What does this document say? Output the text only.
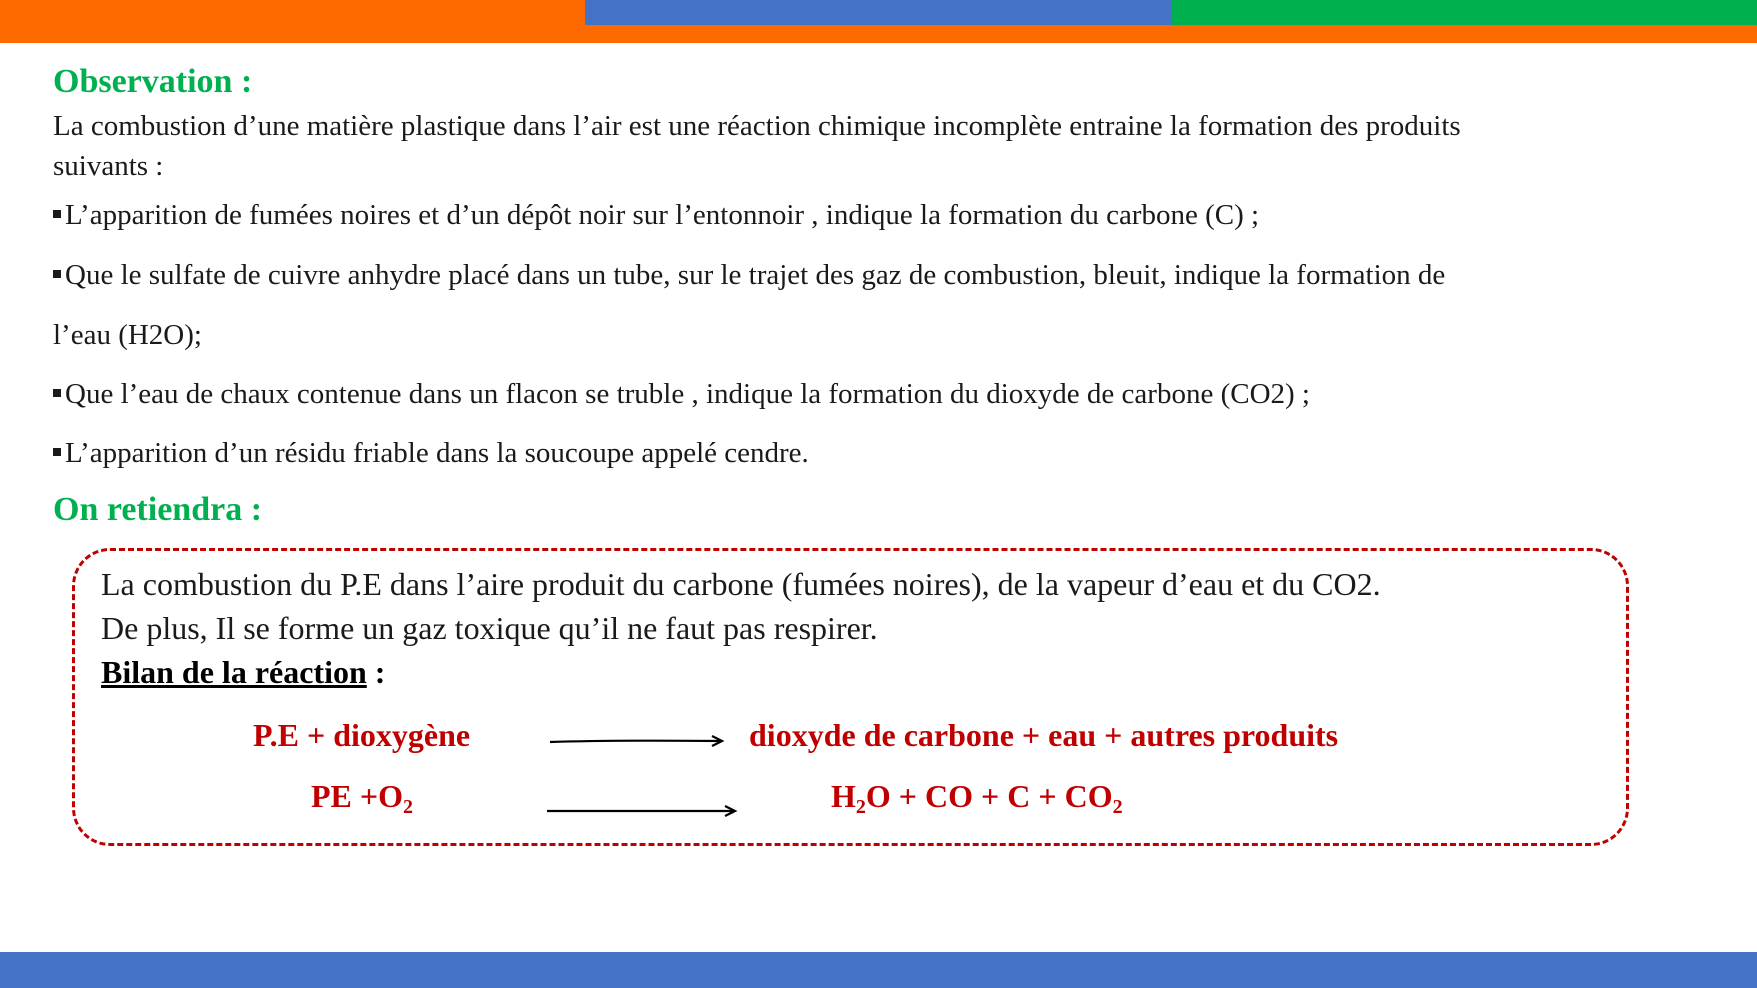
Observation :

La combustion d’une matière plastique dans l’air est une réaction chimique incomplète entraine la formation des produits
suivants :

L’apparition de fumées noires et d’un dépôt noir sur l’entonnoir , indique la formation du carbone (C) ;

Que le sulfate de cuivre anhydre placé dans un tube, sur le trajet des gaz de combustion, bleuit, indique la formation de

l’eau (H2O);

Que l’eau de chaux contenue dans un flacon se truble , indique la formation du dioxyde de carbone (CO2) ;

L’apparition d’un résidu friable dans la soucoupe appelé cendre.

On retiendra :

La combustion du P.E dans l’aire produit du carbone (fumées noires), de la vapeur d’eau et du CO2.

De plus, Il se forme un gaz toxique qu’il ne faut pas respirer.

Bilan de la réaction :

P.E + dioxygène	dioxyde de carbone + eau + autres produits
PE $+O_2$	$H_2O$ + CO + $C + CO_2$
